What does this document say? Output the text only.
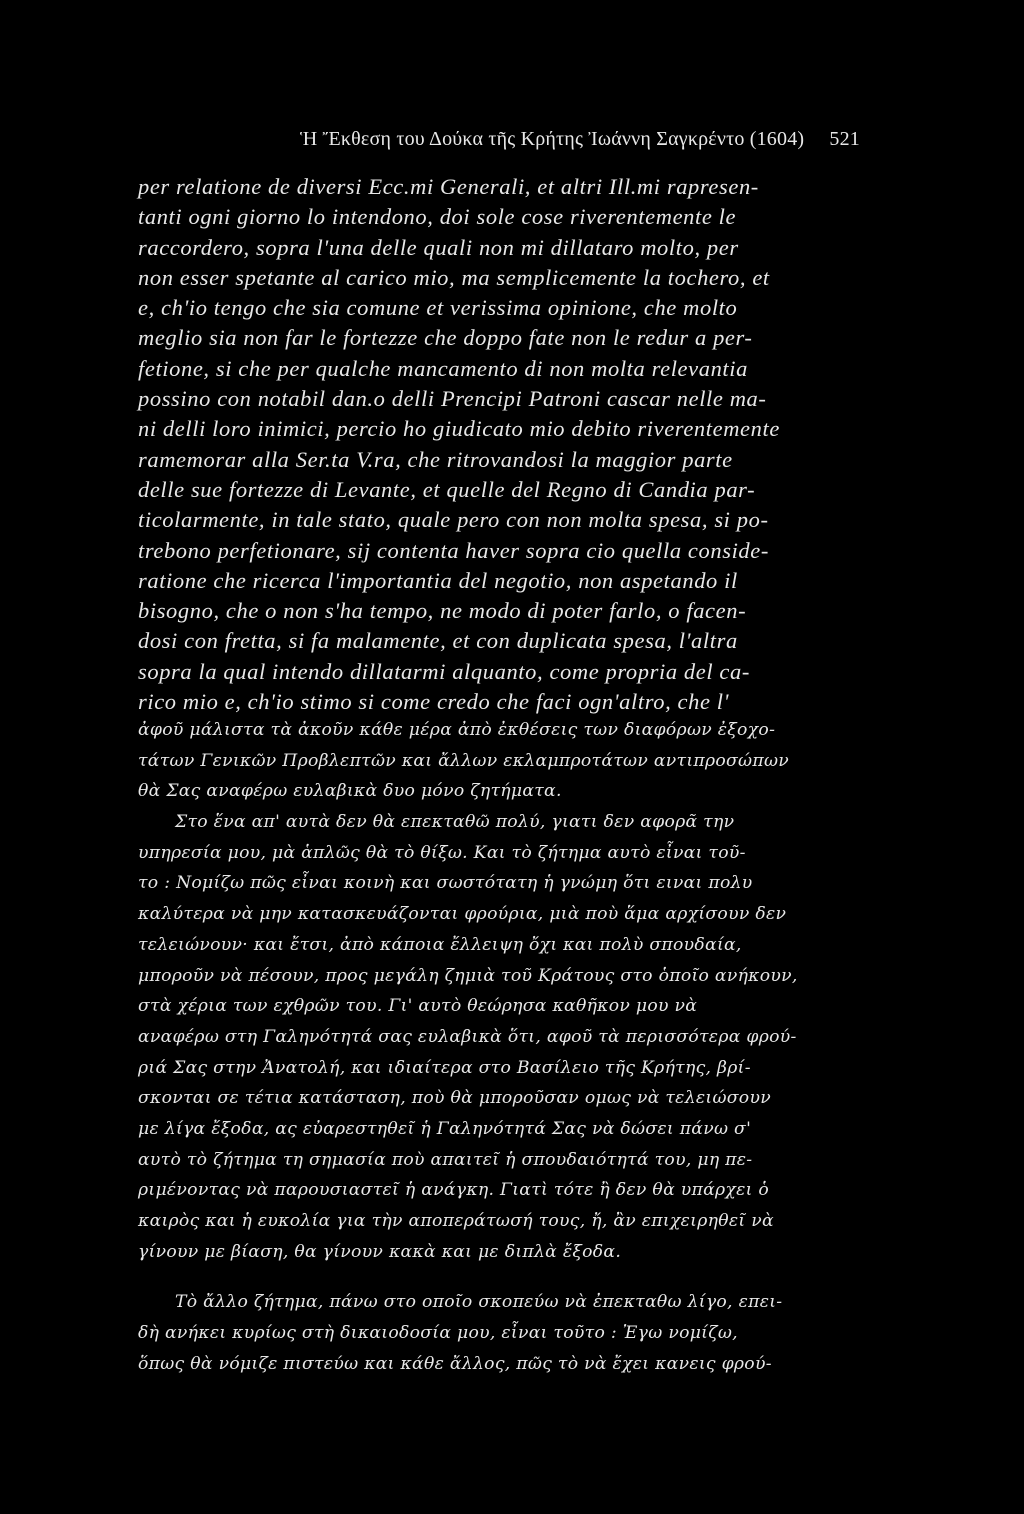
Ἡ Ἔκθεση του Δούκα τῆς Κρήτης Ἰωάννη Σαγκρέντο (1604) 521
per relatione de diversi Ecc.mi Generali, et altri Ill.mi rapresen-
tanti ogni giorno lo intendono, doi sole cose riverentemente le
raccordero, sopra l'una delle quali non mi dillataro molto, per
non esser spetante al carico mio, ma semplicemente la tochero, et
e, ch'io tengo che sia comune et verissima opinione, che molto
meglio sia non far le fortezze che doppo fate non le redur a per-
fetione, si che per qualche mancamento di non molta relevantia
possino con notabil dan.o delli Prencipi Patroni cascar nelle ma-
ni delli loro inimici, percio ho giudicato mio debito riverentemente
ramemorar alla Ser.ta V.ra, che ritrovandosi la maggior parte
delle sue fortezze di Levante, et quelle del Regno di Candia par-
ticolarmente, in tale stato, quale pero con non molta spesa, si po-
trebono perfetionare, sij contenta haver sopra cio quella conside-
ratione che ricerca l'importantia del negotio, non aspetando il
bisogno, che o non s'ha tempo, ne modo di poter farlo, o facen-
dosi con fretta, si fa malamente, et con duplicata spesa, l'altra
sopra la qual intendo dillatarmi alquanto, come propria del ca-
rico mio e, ch'io stimo si come credo che faci ogn'altro, che l'
ἀφοῦ μάλιστα τὰ ἀκοῦν κάθε μέρα ἀπὸ ἐκθέσεις των διαφόρων ἐξοχο-
τάτων Γενικῶν Προβλεπτῶν και ἄλλων εκλαμπροτάτων αντιπροσώπων
θὰ Σας αναφέρω ευλαβικὰ δυο μόνο ζητήματα.
Στο ἕνα απ' αυτὰ δεν θὰ επεκταθῶ πολύ, γιατι δεν αφορᾶ την
υπηρεσία μου, μὰ ἁπλῶς θὰ τὸ θίξω. Και τὸ ζήτημα αυτὸ εἶναι τοῦ-
το : Νομίζω πῶς εἶναι κοινὴ και σωστότατη ἡ γνώμη ὅτι ειναι πολυ
καλύτερα νὰ μην κατασκευάζονται φρούρια, μιὰ ποὺ ἅμα αρχίσουν δεν
τελειώνουν· και ἔτσι, ἀπὸ κάποια ἔλλειψη ὄχι και πολὺ σπουδαία,
μποροῦν νὰ πέσουν, προς μεγάλη ζημιὰ τοῦ Κράτους στο ὁποῖο ανήκουν,
στὰ χέρια των εχθρῶν του. Γι' αυτὸ θεώρησα καθῆκον μου νὰ
αναφέρω στη Γαληνότητά σας ευλαβικὰ ὅτι, αφοῦ τὰ περισσότερα φρού-
ριά Σας στην Ἀνατολή, και ιδιαίτερα στο Βασίλειο τῆς Κρήτης, βρί-
σκονται σε τέτια κατάσταση, ποὺ θὰ μποροῦσαν ομως νὰ τελειώσουν
με λίγα ἔξοδα, ας εὐαρεστηθεῖ ἡ Γαληνότητά Σας νὰ δώσει πάνω σ'
αυτὸ τὸ ζήτημα τη σημασία ποὺ απαιτεῖ ἡ σπουδαιότητά του, μη πε-
ριμένοντας νὰ παρουσιαστεῖ ἡ ανάγκη. Γιατὶ τότε ἢ δεν θὰ υπάρχει ὁ
καιρὸς και ἡ ευκολία για τὴν αποπεράτωσή τους, ἤ, ἂν επιχειρηθεῖ νὰ
γίνουν με βίαση, θα γίνουν κακὰ και με διπλὰ ἔξοδα.
Τὸ ἄλλο ζήτημα, πάνω στο οποῖο σκοπεύω νὰ ἐπεκταθω λίγο, επει-
δὴ ανήκει κυρίως στὴ δικαιοδοσία μου, εἶναι τοῦτο : Ἐγω νομίζω,
ὅπως θὰ νόμιζε πιστεύω και κάθε ἄλλος, πῶς τὸ νὰ ἔχει κανεις φρού-
